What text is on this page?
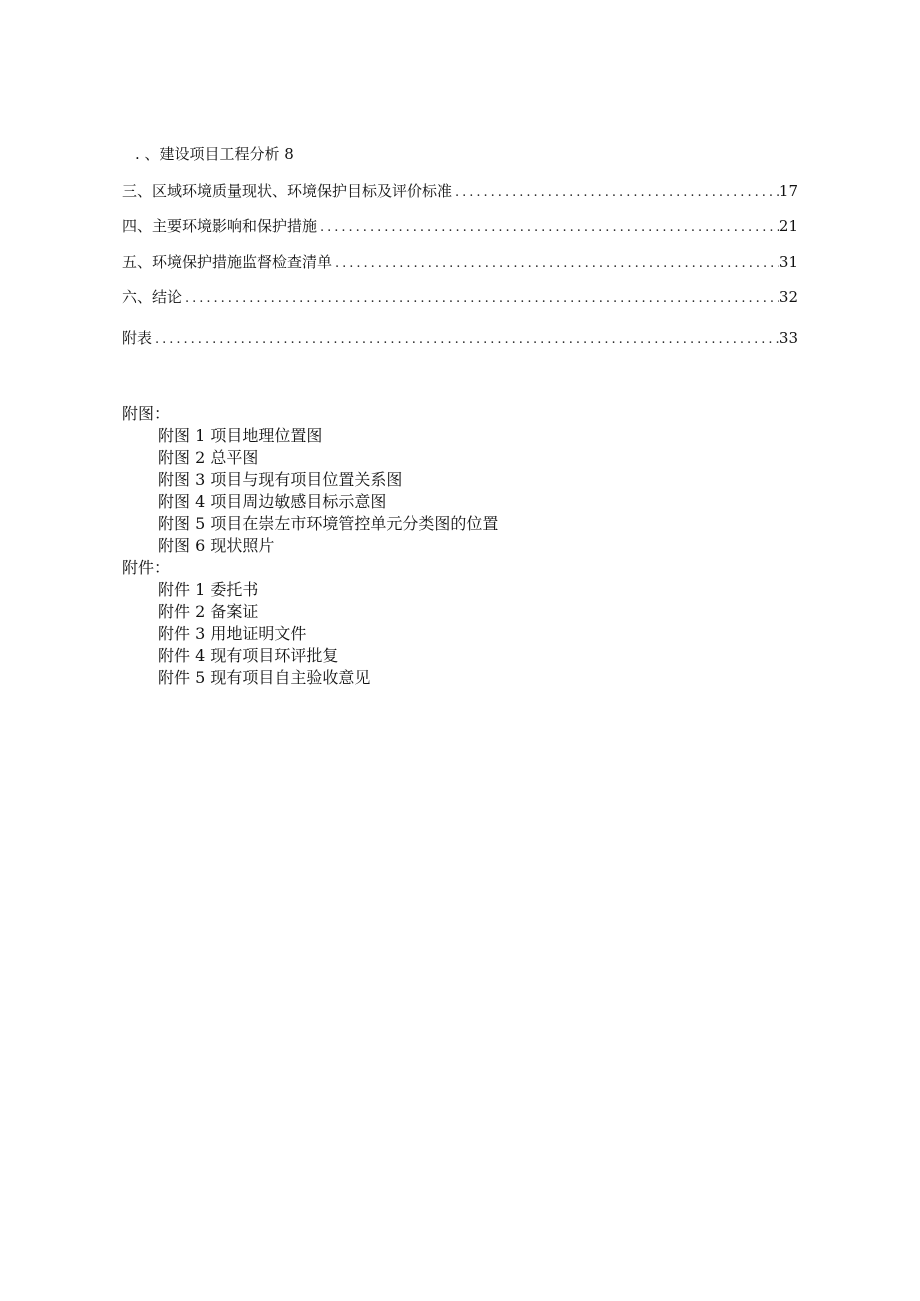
. 、建设项目工程分析 8
三、区域环境质量现状、环境保护目标及评价标准 .....	17
四、主要环境影响和保护措施 .....	21
五、环境保护措施监督检查清单 .....	31
六、结论 .....	32
附表 .....	33
附图：
附图 1 项目地理位置图
附图 2 总平图
附图 3 项目与现有项目位置关系图
附图 4 项目周边敏感目标示意图
附图 5 项目在崇左市环境管控单元分类图的位置
附图 6 现状照片
附件：
附件 1 委托书
附件 2 备案证
附件 3 用地证明文件
附件 4 现有项目环评批复
附件 5 现有项目自主验收意见
